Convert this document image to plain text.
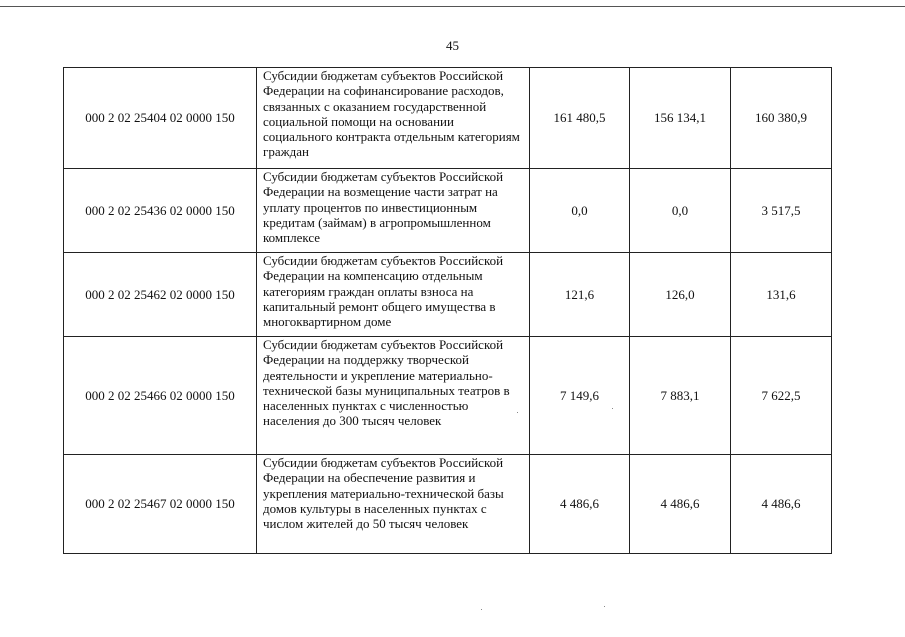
45
000 2 02 25404 02 0000 150	Субсидии бюджетам субъектов Российской Федерации на софинансирование расходов, связанных с оказанием государственной социальной помощи на основании социального контракта отдельным категориям граждан	161 480,5	156 134,1	160 380,9
000 2 02 25436 02 0000 150	Субсидии бюджетам субъектов Российской Федерации на возмещение части затрат на уплату процентов по инвестиционным кредитам (займам) в агропромышленном комплексе	0,0	0,0	3 517,5
000 2 02 25462 02 0000 150	Субсидии бюджетам субъектов Российской Федерации на компенсацию отдельным категориям граждан оплаты взноса на капитальный ремонт общего имущества в многоквартирном доме	121,6	126,0	131,6
000 2 02 25466 02 0000 150	Субсидии бюджетам субъектов Российской Федерации на поддержку творческой деятельности и укрепление материально-технической базы муниципальных театров в населенных пунктах с численностью населения до 300 тысяч человек	7 149,6	7 883,1	7 622,5
000 2 02 25467 02 0000 150	Субсидии бюджетам субъектов Российской Федерации на обеспечение развития и укрепления материально-технической базы домов культуры в населенных пунктах с числом жителей до 50 тысяч человек	4 486,6	4 486,6	4 486,6
